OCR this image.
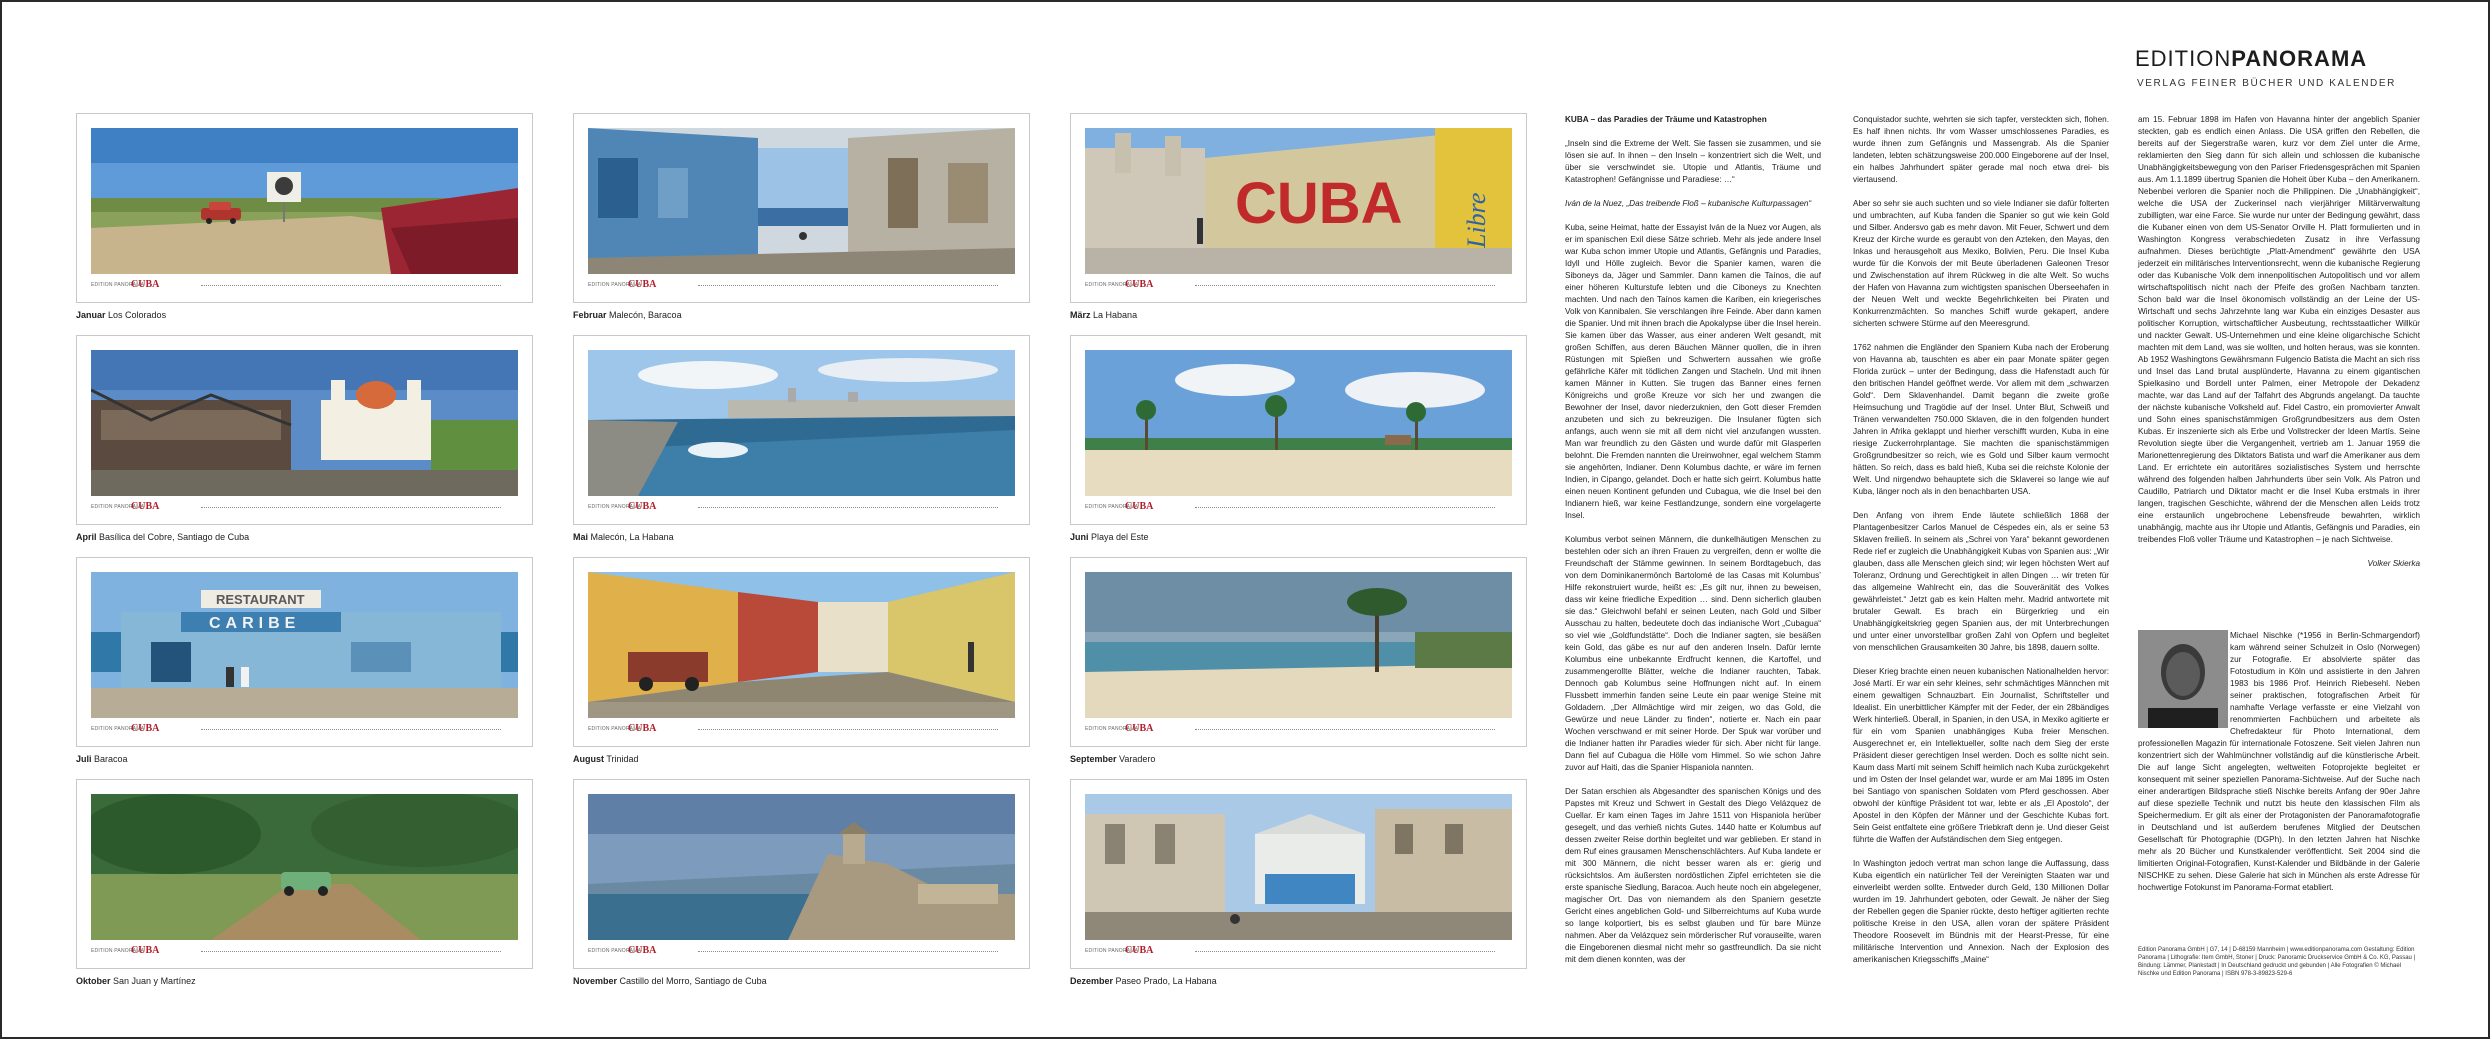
EDITION PANORAMA
CUBA
Januar Los Colorados
EDITION PANORAMA
CUBA
Februar Malecón, Baracoa
CUBA Libre
EDITION PANORAMA
CUBA
März La Habana
EDITION PANORAMA
CUBA
April Basílica del Cobre, Santiago de Cuba
EDITION PANORAMA
CUBA
Mai Malecón, La Habana
EDITION PANORAMA
CUBA
Juni Playa del Este
RESTAURANT
CARIBE
EDITION PANORAMA
CUBA
Juli Baracoa
EDITION PANORAMA
CUBA
August Trinidad
EDITION PANORAMA
CUBA
September Varadero
EDITION PANORAMA
CUBA
Oktober San Juan y Martínez
EDITION PANORAMA
CUBA
November Castillo del Morro, Santiago de Cuba
EDITION PANORAMA
CUBA
Dezember Paseo Prado, La Habana

KUBA – das Paradies der Träume und Katastrophen

„Inseln sind die Extreme der Welt. Sie fassen sie zusammen, und sie lösen sie auf. In ihnen – den Inseln – konzentriert sich die Welt, und über sie verschwindet sie. Utopie und Atlantis, Träume und Katastrophen! Gefängnisse und Paradiese: …“

Iván de la Nuez, „Das treibende Floß – kubanische Kulturpassagen“

Kuba, seine Heimat, hatte der Essayist Iván de la Nuez vor Augen, als er im spanischen Exil diese Sätze schrieb. Mehr als jede andere Insel war Kuba schon immer Utopie und Atlantis, Gefängnis und Paradies, Idyll und Hölle zugleich. Bevor die Spanier kamen, waren die Siboneys da, Jäger und Sammler. Dann kamen die Taínos, die auf einer höheren Kulturstufe lebten und die Ciboneys zu Knechten machten. Und nach den Taínos kamen die Kariben, ein kriegerisches Volk von Kannibalen. Sie verschlangen ihre Feinde. Aber dann kamen die Spanier. Und mit ihnen brach die Apokalypse über die Insel herein. Sie kamen über das Wasser, aus einer anderen Welt gesandt, mit großen Schiffen, aus deren Bäuchen Männer quollen, die in ihren Rüstungen mit Spießen und Schwertern aussahen wie große gefährliche Käfer mit tödlichen Zangen und Stacheln. Und mit ihnen kamen Männer in Kutten. Sie trugen das Banner eines fernen Königreichs und große Kreuze vor sich her und zwangen die Bewohner der Insel, davor niederzuknien, den Gott dieser Fremden anzubeten und sich zu bekreuzigen. Die Insulaner fügten sich anfangs, auch wenn sie mit all dem nicht viel anzufangen wussten. Man war freundlich zu den Gästen und wurde dafür mit Glasperlen belohnt. Die Fremden nannten die Ureinwohner, egal welchem Stamm sie angehörten, Indianer. Denn Kolumbus dachte, er wäre im fernen Indien, in Cipango, gelandet. Doch er hatte sich geirrt. Kolumbus hatte einen neuen Kontinent gefunden und Cubagua, wie die Insel bei den Indianern hieß, war keine Festlandzunge, sondern eine vorgelagerte Insel.

Kolumbus verbot seinen Männern, die dunkelhäutigen Menschen zu bestehlen oder sich an ihren Frauen zu vergreifen, denn er wollte die Freundschaft der Stämme gewinnen. In seinem Bordtagebuch, das von dem Dominikanermönch Bartolomé de las Casas mit Kolumbus’ Hilfe rekonstruiert wurde, heißt es: „Es gilt nur, ihnen zu beweisen, dass wir keine friedliche Expedition … sind. Denn sicherlich glauben sie das.“ Gleichwohl befahl er seinen Leuten, nach Gold und Silber Ausschau zu halten, bedeutete doch das indianische Wort „Cubagua“ so viel wie „Goldfundstätte“. Doch die Indianer sagten, sie besäßen kein Gold, das gäbe es nur auf den anderen Inseln. Dafür lernte Kolumbus eine unbekannte Erdfrucht kennen, die Kartoffel, und zusammengerollte Blätter, welche die Indianer rauchten, Tabak. Dennoch gab Kolumbus seine Hoffnungen nicht auf. In einem Flussbett immerhin fanden seine Leute ein paar wenige Steine mit Goldadern. „Der Allmächtige wird mir zeigen, wo das Gold, die Gewürze und neue Länder zu finden“, notierte er. Nach ein paar Wochen verschwand er mit seiner Horde. Der Spuk war vorüber und die Indianer hatten ihr Paradies wieder für sich. Aber nicht für lange. Dann fiel auf Cubagua die Hölle vom Himmel. So wie schon Jahre zuvor auf Haiti, das die Spanier Hispaniola nannten.

Der Satan erschien als Abgesandter des spanischen Königs und des Papstes mit Kreuz und Schwert in Gestalt des Diego Velázquez de Cuellar. Er kam einen Tages im Jahre 1511 von Hispaniola herüber gesegelt, und das verhieß nichts Gutes. 1440 hatte er Kolumbus auf dessen zweiter Reise dorthin begleitet und war geblieben. Er stand in dem Ruf eines grausamen Menschenschlächters. Auf Kuba landete er mit 300 Männern, die nicht besser waren als er: gierig und rücksichtslos. Am äußersten nordöstlichen Zipfel errichteten sie die erste spanische Siedlung, Baracoa. Auch heute noch ein abgelegener, magischer Ort. Das von niemandem als den Spaniern gesetzte Gericht eines angeblichen Gold- und Silberreichtums auf Kuba wurde so lange kolportiert, bis es selbst glauben und für bare Münze nahmen. Aber da Velázquez sein mörderischer Ruf vorauseilte, waren die Eingeborenen diesmal nicht mehr so gastfreundlich. Da sie nicht mit dem dienen konnten, was der

Conquistador suchte, wehrten sie sich tapfer, versteckten sich, flohen. Es half ihnen nichts. Ihr vom Wasser umschlossenes Paradies, es wurde ihnen zum Gefängnis und Massengrab. Als die Spanier landeten, lebten schätzungsweise 200.000 Eingeborene auf der Insel, ein halbes Jahrhundert später gerade mal noch etwa drei- bis viertausend.

Aber so sehr sie auch suchten und so viele Indianer sie dafür folterten und umbrachten, auf Kuba fanden die Spanier so gut wie kein Gold und Silber. Andersvo gab es mehr davon. Mit Feuer, Schwert und dem Kreuz der Kirche wurde es geraubt von den Azteken, den Mayas, den Inkas und herausgeholt aus Mexiko, Bolivien, Peru. Die Insel Kuba wurde für die Konvois der mit Beute überladenen Galeonen Tresor und Zwischenstation auf ihrem Rückweg in die alte Welt. So wuchs der Hafen von Havanna zum wichtigsten spanischen Überseehafen in der Neuen Welt und weckte Begehrlichkeiten bei Piraten und Konkurrenzmächten. So manches Schiff wurde gekapert, andere sicherten schwere Stürme auf den Meeresgrund.

1762 nahmen die Engländer den Spaniern Kuba nach der Eroberung von Havanna ab, tauschten es aber ein paar Monate später gegen Florida zurück – unter der Bedingung, dass die Hafenstadt auch für den britischen Handel geöffnet werde. Vor allem mit dem „schwarzen Gold“. Dem Sklavenhandel. Damit begann die zweite große Heimsuchung und Tragödie auf der Insel. Unter Blut, Schweiß und Tränen verwandelten 750.000 Sklaven, die in den folgenden hundert Jahren in Afrika geklappt und hierher verschifft wurden, Kuba in eine riesige Zuckerrohrplantage. Sie machten die spanischstämmigen Großgrundbesitzer so reich, wie es Gold und Silber kaum vermocht hätten. So reich, dass es bald hieß, Kuba sei die reichste Kolonie der Welt. Und nirgendwo behauptete sich die Sklaverei so lange wie auf Kuba, länger noch als in den benachbarten USA.

Den Anfang von ihrem Ende läutete schließlich 1868 der Plantagenbesitzer Carlos Manuel de Céspedes ein, als er seine 53 Sklaven freiließ. In seinem als „Schrei von Yara“ bekannt gewordenen Rede rief er zugleich die Unabhängigkeit Kubas von Spanien aus: „Wir glauben, dass alle Menschen gleich sind; wir legen höchsten Wert auf Toleranz, Ordnung und Gerechtigkeit in allen Dingen … wir treten für das allgemeine Wahlrecht ein, das die Souveränität des Volkes gewährleistet.“ Jetzt gab es kein Halten mehr. Madrid antwortete mit brutaler Gewalt. Es brach ein Bürgerkrieg und ein Unabhängigkeitskrieg gegen Spanien aus, der mit Unterbrechungen und unter einer unvorstellbar großen Zahl von Opfern und begleitet von menschlichen Grausamkeiten 30 Jahre, bis 1898, dauern sollte.

Dieser Krieg brachte einen neuen kubanischen Nationalhelden hervor: José Martí. Er war ein sehr kleines, sehr schmächtiges Männchen mit einem gewaltigen Schnauzbart. Ein Journalist, Schriftsteller und Idealist. Ein unerbittlicher Kämpfer mit der Feder, der ein 28bändiges Werk hinterließ. Überall, in Spanien, in den USA, in Mexiko agitierte er für ein vom Spanien unabhängiges Kuba freier Menschen. Ausgerechnet er, ein Intellektueller, sollte nach dem Sieg der erste Präsident dieser gerechtigen Insel werden. Doch es sollte nicht sein. Kaum dass Martí mit seinem Schiff heimlich nach Kuba zurückgekehrt und im Osten der Insel gelandet war, wurde er am Mai 1895 im Osten bei Santiago von spanischen Soldaten vom Pferd geschossen. Aber obwohl der künftige Präsident tot war, lebte er als „El Apostolo“, der Apostel in den Köpfen der Männer und der Geschichte Kubas fort. Sein Geist entfaltete eine größere Triebkraft denn je. Und dieser Geist führte die Waffen der Aufständischen dem Sieg entgegen.

In Washington jedoch vertrat man schon lange die Auffassung, dass Kuba eigentlich ein natürlicher Teil der Vereinigten Staaten war und einverleibt werden sollte. Entweder durch Geld, 130 Millionen Dollar wurden im 19. Jahrhundert geboten, oder Gewalt. Je näher der Sieg der Rebellen gegen die Spanier rückte, desto heftiger agitierten rechte politische Kreise in den USA, allen voran der spätere Präsident Theodore Roosevelt im Bündnis mit der Hearst-Presse, für eine militärische Intervention und Annexion. Nach der Explosion des amerikanischen Kriegsschiffs „Maine“

am 15. Februar 1898 im Hafen von Havanna hinter der angeblich Spanier steckten, gab es endlich einen Anlass. Die USA griffen den Rebellen, die bereits auf der Siegerstraße waren, kurz vor dem Ziel unter die Arme, reklamierten den Sieg dann für sich allein und schlossen die kubanische Unabhängigkeitsbewegung von den Pariser Friedensgesprächen mit Spanien aus. Am 1.1.1899 übertrug Spanien die Hoheit über Kuba – den Amerikanern. Nebenbei verloren die Spanier noch die Philippinen. Die „Unabhängigkeit“, welche die USA der Zuckerinsel nach vierjähriger Militärverwaltung zubilligten, war eine Farce. Sie wurde nur unter der Bedingung gewährt, dass die Kubaner einen von dem US-Senator Orville H. Platt formulierten und in Washington Kongress verabschiedeten Zusatz in ihre Verfassung aufnahmen. Dieses berüchtigte „Platt-Amendment“ gewährte den USA jederzeit ein militärisches Interventionsrecht, wenn die kubanische Regierung oder das Kubanische Volk dem innenpolitischen Autopolitisch und vor allem wirtschaftspolitisch nicht nach der Pfeife des großen Nachbarn tanzten. Schon bald war die Insel ökonomisch vollständig an der Leine der US-Wirtschaft und sechs Jahrzehnte lang war Kuba ein einziges Desaster aus politischer Korruption, wirtschaftlicher Ausbeutung, rechtsstaatlicher Willkür und nackter Gewalt. US-Unternehmen und eine kleine oligarchische Schicht machten mit dem Land, was sie wollten, und holten heraus, was sie konnten. Ab 1952 Washingtons Gewährsmann Fulgencio Batista die Macht an sich riss und Insel das Land brutal ausplünderte, Havanna zu einem gigantischen Spielkasino und Bordell unter Palmen, einer Metropole der Dekadenz machte, war das Land auf der Talfahrt des Abgrunds angelangt. Da tauchte der nächste kubanische Volksheld auf. Fidel Castro, ein promovierter Anwalt und Sohn eines spanischstämmigen Großgrundbesitzers aus dem Osten Kubas. Er inszenierte sich als Erbe und Vollstrecker der Ideen Martís. Seine Revolution siegte über die Vergangenheit, vertrieb am 1. Januar 1959 die Marionettenregierung des Diktators Batista und warf die Amerikaner aus dem Land. Er errichtete ein autoritäres sozialistisches System und herrschte während des folgenden halben Jahrhunderts über sein Volk. Als Patron und Caudillo, Patriarch und Diktator macht er die Insel Kuba erstmals in ihrer langen, tragischen Geschichte, während der die Menschen allen Leids trotz eine erstaunlich ungebrochene Lebensfreude bewahrten, wirklich unabhängig, machte aus ihr Utopie und Atlantis, Gefängnis und Paradies, ein treibendes Floß voller Träume und Katastrophen – je nach Sichtweise.

Volker Skierka

EDITIONPANORAMA
VERLAG FEINER BÜCHER UND KALENDER
Michael Nischke (*1956 in Berlin-Schmargendorf) kam während seiner Schulzeit in Oslo (Norwegen) zur Fotografie. Er absolvierte später das Fotostudium in Köln und assistierte in den Jahren 1983 bis 1986 Prof. Heinrich Riebesehl. Neben seiner praktischen, fotografischen Arbeit für namhafte Verlage verfasste er eine Vielzahl von renommierten Fachbüchern und arbeitete als Chefredakteur für Photo International, dem professionellen Magazin für internationale Fotoszene. Seit vielen Jahren nun konzentriert sich der Wahlmünchner vollständig auf die künstlerische Arbeit. Die auf lange Sicht angelegten, weltweiten Fotoprojekte begleitet er konsequent mit seiner speziellen Panorama-Sichtweise. Auf der Suche nach einer anderartigen Bildsprache stieß Nischke bereits Anfang der 90er Jahre auf diese spezielle Technik und nutzt bis heute den klassischen Film als Speichermedium. Er gilt als einer der Protagonisten der Panoramafotografie in Deutschland und ist außerdem berufenes Mitglied der Deutschen Gesellschaft für Photographie (DGPh). In den letzten Jahren hat Nischke mehr als 20 Bücher und Kunstkalender veröffentlicht. Seit 2004 sind die limitierten Original-Fotografien, Kunst-Kalender und Bildbände in der Galerie NISCHKE zu sehen. Diese Galerie hat sich in München als erste Adresse für hochwertige Fotokunst im Panorama-Format etabliert.
Edition Panorama GmbH | G7, 14 | D-68159 Mannheim | www.editionpanorama.com Gestaltung: Edition Panorama | Lithografie: Item GmbH, Stoner | Druck: Panoramic Druckservice GmbH & Co. KG, Passau | Bindung: Lämmer, Plankstadt | In Deutschland gedruckt und gebunden | Alle Fotografien © Michael Nischke und Edition Panorama | ISBN 978-3-89823-529-6
